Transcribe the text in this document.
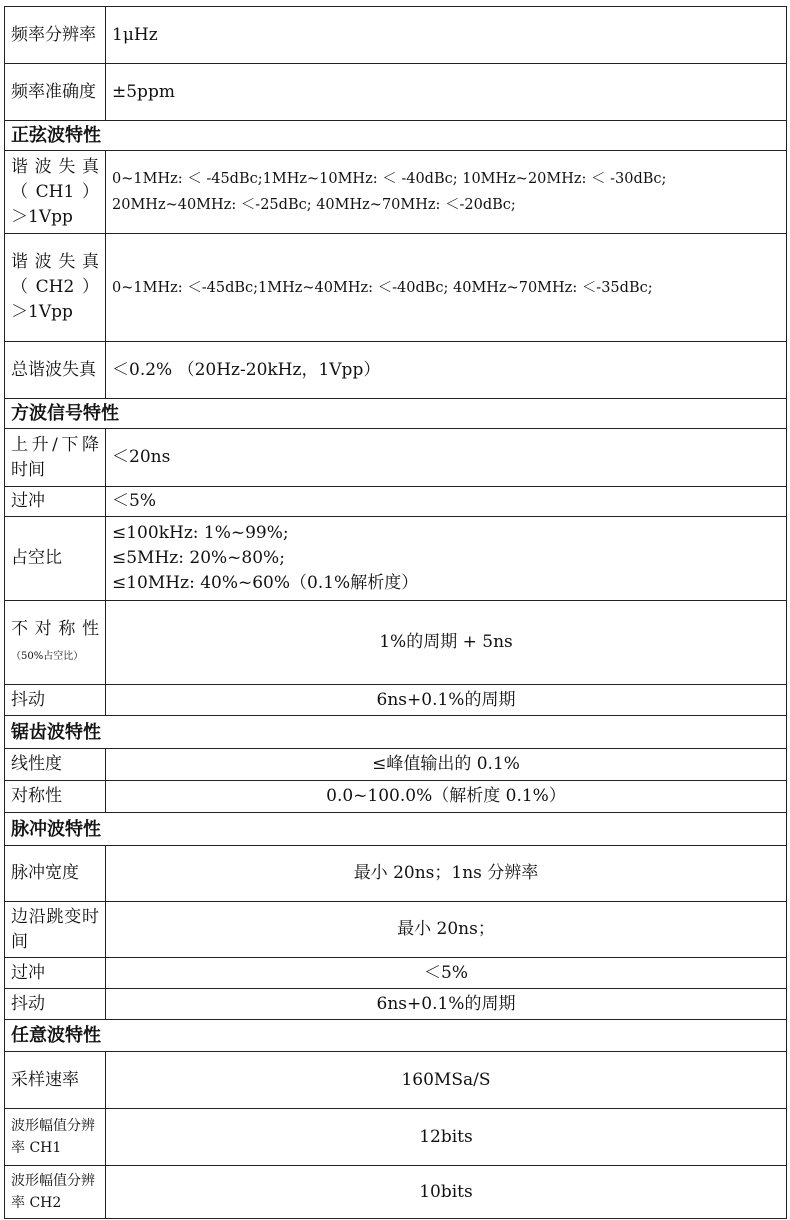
频率分辨率	1μHz
频率准确度	±5ppm
正弦波特性	
谐波失真（CH1）＞1Vpp	0~1MHz: ＜ -45dBc;1MHz~10MHz: ＜ -40dBc; 10MHz~20MHz: ＜ -30dBc;
20MHz~40MHz: ＜-25dBc; 40MHz~70MHz: ＜-20dBc;

谐波失真（CH2）＞1Vpp	0~1MHz: ＜-45dBc;1MHz~40MHz: ＜-40dBc; 40MHz~70MHz: ＜-35dBc;
总谐波失真	＜0.2% （20Hz-20kHz，1Vpp）
方波信号特性	
上升/下降时间	＜20ns
过冲	＜5%
占空比	≤100kHz: 1%~99%;
≤5MHz: 20%~80%;
≤10MHz: 40%~60%（0.1%解析度）

不对称性（50%占空比）	1%的周期 + 5ns
抖动	6ns+0.1%的周期
锯齿波特性	
线性度	≤峰值输出的 0.1%
对称性	0.0~100.0%（解析度 0.1%）
脉冲波特性	
脉冲宽度	最小 20ns；1ns 分辨率
边沿跳变时间	最小 20ns；
过冲	＜5%
抖动	6ns+0.1%的周期
任意波特性	
采样速率	160MSa/S
波形幅值分辨率 CH1	12bits
波形幅值分辨率 CH2	10bits
